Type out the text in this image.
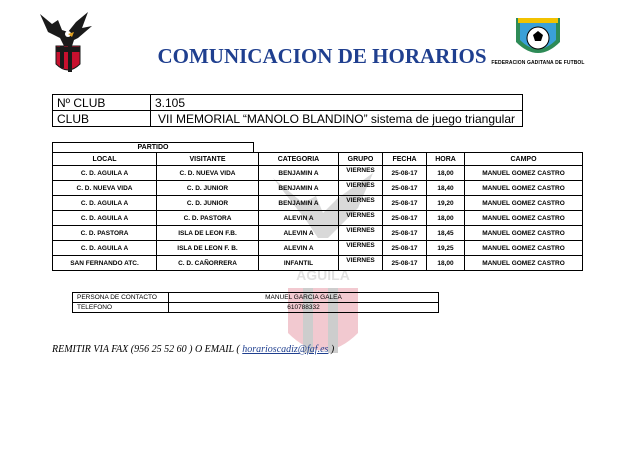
FEDERACION GADITANA DE FUTBOL
COMUNICACION DE HORARIOS
Nº CLUB	3.105
CLUB	VII MEMORIAL “MANOLO BLANDINO” sistema de juego triangular
AGUILA
PARTIDO
LOCAL	VISITANTE	CATEGORIA	GRUPO	FECHA	HORA	CAMPO
C. D. AGUILA A	C. D. NUEVA VIDA	BENJAMIN A	VIERNES	25-08-17	18,00	MANUEL GOMEZ CASTRO
C. D. NUEVA VIDA	C. D. JUNIOR	BENJAMIN A	VIERNES	25-08-17	18,40	MANUEL GOMEZ CASTRO
C. D. AGUILA A	C. D. JUNIOR	BENJAMIN A	VIERNES	25-08-17	19,20	MANUEL GOMEZ CASTRO
C. D. AGUILA A	C. D. PASTORA	ALEVIN A	VIERNES	25-08-17	18,00	MANUEL GOMEZ CASTRO
C. D. PASTORA	ISLA DE LEON F.B.	ALEVIN A	VIERNES	25-08-17	18,45	MANUEL GOMEZ CASTRO
C. D. AGUILA A	ISLA DE LEON F. B.	ALEVIN A	VIERNES	25-08-17	19,25	MANUEL GOMEZ CASTRO
SAN FERNANDO ATC.	C. D. CAÑORRERA	INFANTIL	VIERNES	25-08-17	18,00	MANUEL GOMEZ CASTRO
PERSONA DE CONTACTO	MANUEL GARCIA GALEA
TELEFONO	610788332
REMITIR VIA FAX (956 25 52 60 ) O EMAIL ( horarioscadiz@faf.es )
